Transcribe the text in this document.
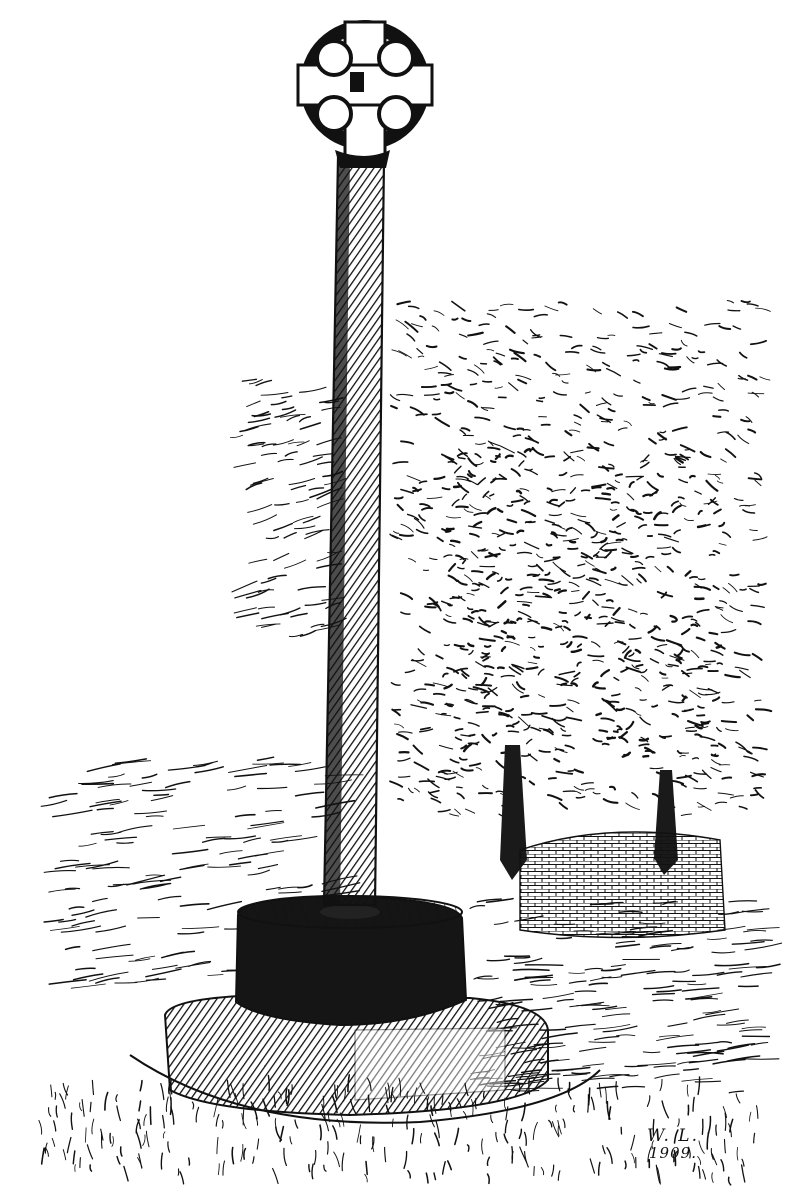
W. L.
1909.
